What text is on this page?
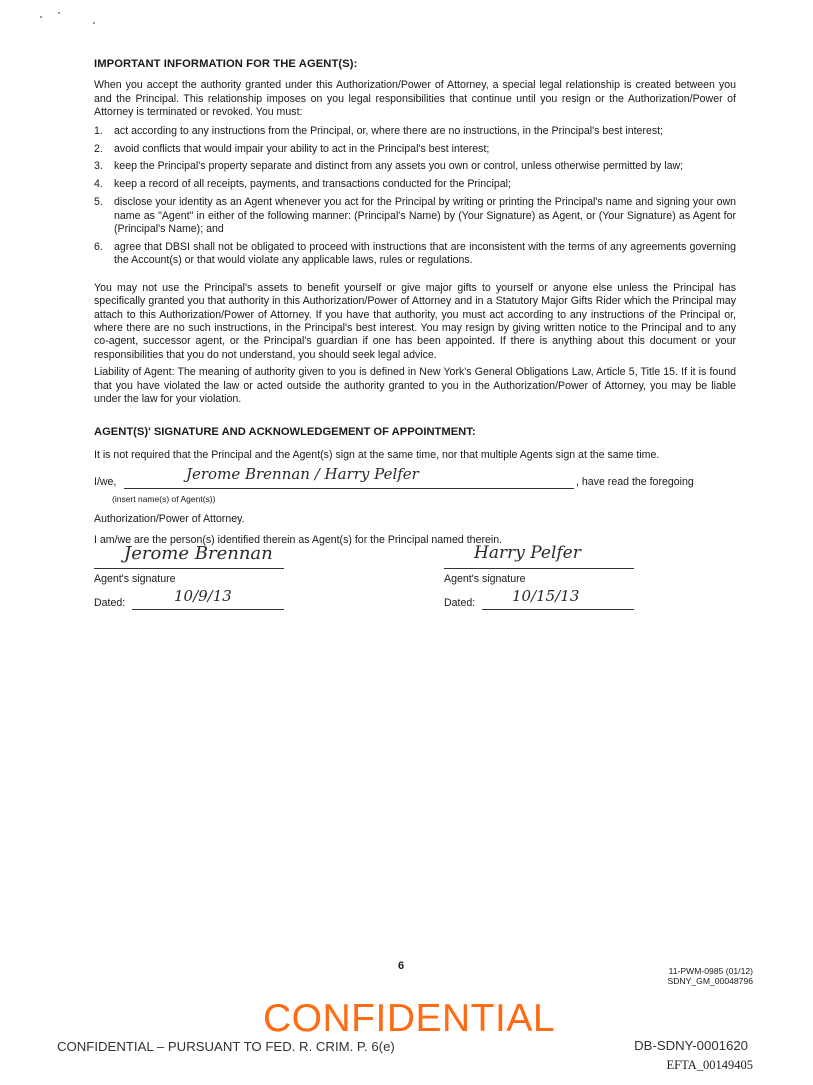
IMPORTANT INFORMATION FOR THE AGENT(S):
When you accept the authority granted under this Authorization/Power of Attorney, a special legal relationship is created between you and the Principal. This relationship imposes on you legal responsibilities that continue until you resign or the Authorization/Power of Attorney is terminated or revoked. You must:
1. act according to any instructions from the Principal, or, where there are no instructions, in the Principal's best interest;
2. avoid conflicts that would impair your ability to act in the Principal's best interest;
3. keep the Principal's property separate and distinct from any assets you own or control, unless otherwise permitted by law;
4. keep a record of all receipts, payments, and transactions conducted for the Principal;
5. disclose your identity as an Agent whenever you act for the Principal by writing or printing the Principal's name and signing your own name as "Agent" in either of the following manner: (Principal's Name) by (Your Signature) as Agent, or (Your Signature) as Agent for (Principal's Name); and
6. agree that DBSI shall not be obligated to proceed with instructions that are inconsistent with the terms of any agreements governing the Account(s) or that would violate any applicable laws, rules or regulations.
You may not use the Principal's assets to benefit yourself or give major gifts to yourself or anyone else unless the Principal has specifically granted you that authority in this Authorization/Power of Attorney and in a Statutory Major Gifts Rider which the Principal may attach to this Authorization/Power of Attorney. If you have that authority, you must act according to any instructions of the Principal or, where there are no such instructions, in the Principal's best interest. You may resign by giving written notice to the Principal and to any co-agent, successor agent, or the Principal's guardian if one has been appointed. If there is anything about this document or your responsibilities that you do not understand, you should seek legal advice.
Liability of Agent: The meaning of authority given to you is defined in New York's General Obligations Law, Article 5, Title 15. If it is found that you have violated the law or acted outside the authority granted to you in the Authorization/Power of Attorney, you may be liable under the law for your violation.
AGENT(S)' SIGNATURE AND ACKNOWLEDGEMENT OF APPOINTMENT:
It is not required that the Principal and the Agent(s) sign at the same time, nor that multiple Agents sign at the same time.
I/we,	Jerome Brennan / Harry Pelfer	, have read the foregoing
(insert name(s) of Agent(s))
Authorization/Power of Attorney.
I am/we are the person(s) identified therein as Agent(s) for the Principal named therein.
Jerome Brennan	Harry Pelfer
Agent's signature	Agent's signature
Dated:	10/9/13	Dated: 10/15/13
6	11-PWM-0985 (01/12)
SDNY_GM_00048796
CONFIDENTIAL
CONFIDENTIAL – PURSUANT TO FED. R. CRIM. P. 6(e)	DB-SDNY-0001620
EFTA_00149405
